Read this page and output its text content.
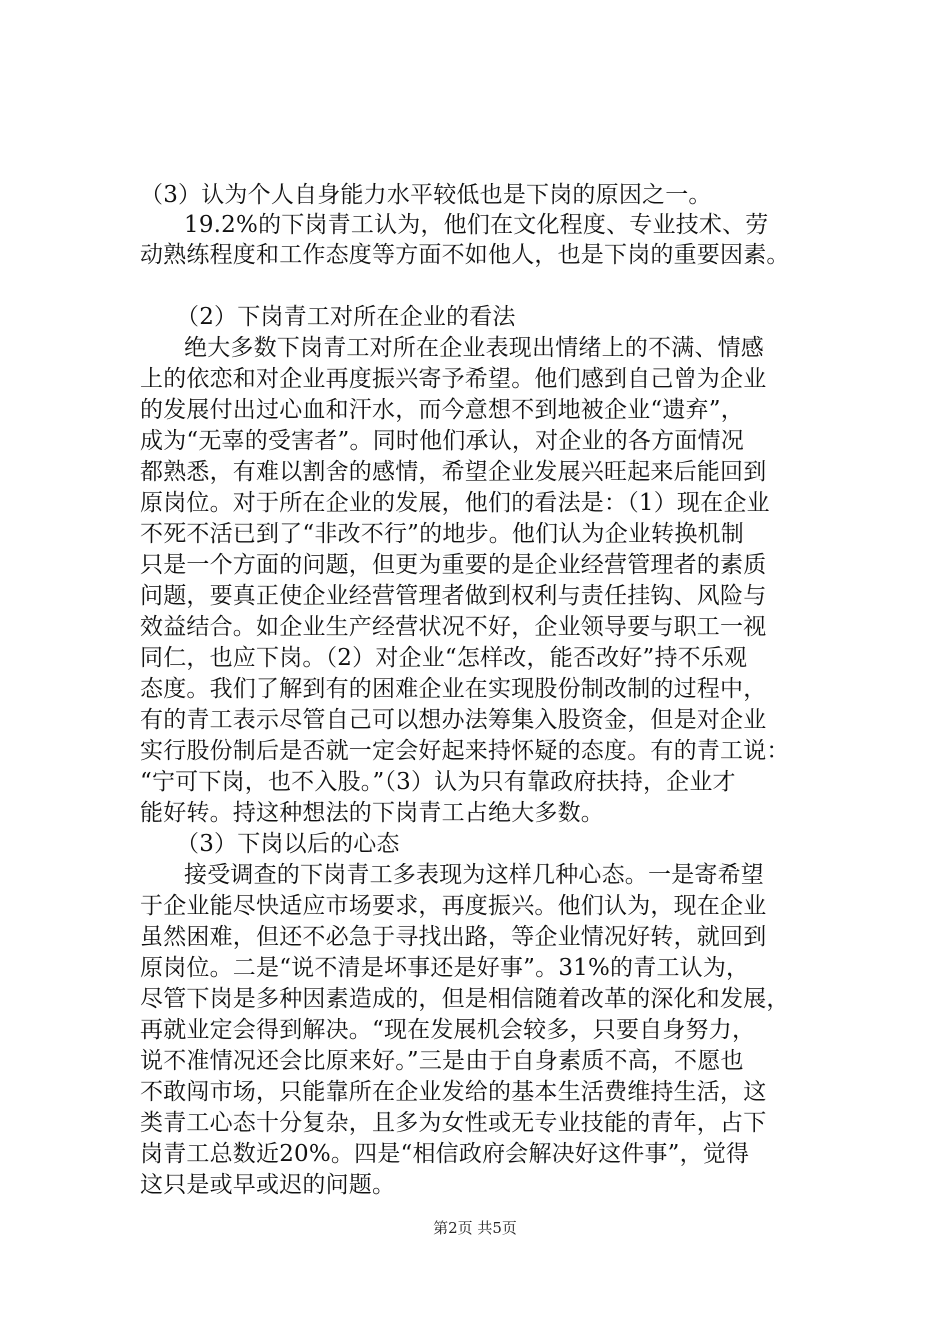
（3）认为个人自身能力水平较低也是下岗的原因之一。
19.2%的下岗青工认为，他们在文化程度、专业技术、劳
动熟练程度和工作态度等方面不如他人，也是下岗的重要因素。
（2）下岗青工对所在企业的看法
绝大多数下岗青工对所在企业表现出情绪上的不满、情感
上的依恋和对企业再度振兴寄予希望。他们感到自己曾为企业
的发展付出过心血和汗水，而今意想不到地被企业“遗弃”，
成为“无辜的受害者”。同时他们承认，对企业的各方面情况
都熟悉，有难以割舍的感情，希望企业发展兴旺起来后能回到
原岗位。对于所在企业的发展，他们的看法是：（1）现在企业
不死不活已到了“非改不行”的地步。他们认为企业转换机制
只是一个方面的问题，但更为重要的是企业经营管理者的素质
问题，要真正使企业经营管理者做到权利与责任挂钩、风险与
效益结合。如企业生产经营状况不好，企业领导要与职工一视
同仁，也应下岗。（2）对企业“怎样改，能否改好”持不乐观
态度。我们了解到有的困难企业在实现股份制改制的过程中，
有的青工表示尽管自己可以想办法筹集入股资金，但是对企业
实行股份制后是否就一定会好起来持怀疑的态度。有的青工说：
“宁可下岗，也不入股。”（3）认为只有靠政府扶持，企业才
能好转。持这种想法的下岗青工占绝大多数。
（3）下岗以后的心态
接受调查的下岗青工多表现为这样几种心态。一是寄希望
于企业能尽快适应市场要求，再度振兴。他们认为，现在企业
虽然困难，但还不必急于寻找出路，等企业情况好转，就回到
原岗位。二是“说不清是坏事还是好事”。31%的青工认为，
尽管下岗是多种因素造成的，但是相信随着改革的深化和发展，
再就业定会得到解决。“现在发展机会较多，只要自身努力，
说不准情况还会比原来好。”三是由于自身素质不高，不愿也
不敢闯市场，只能靠所在企业发给的基本生活费维持生活，这
类青工心态十分复杂，且多为女性或无专业技能的青年，占下
岗青工总数近20%。四是“相信政府会解决好这件事”，觉得
这只是或早或迟的问题。
第2页 共5页
